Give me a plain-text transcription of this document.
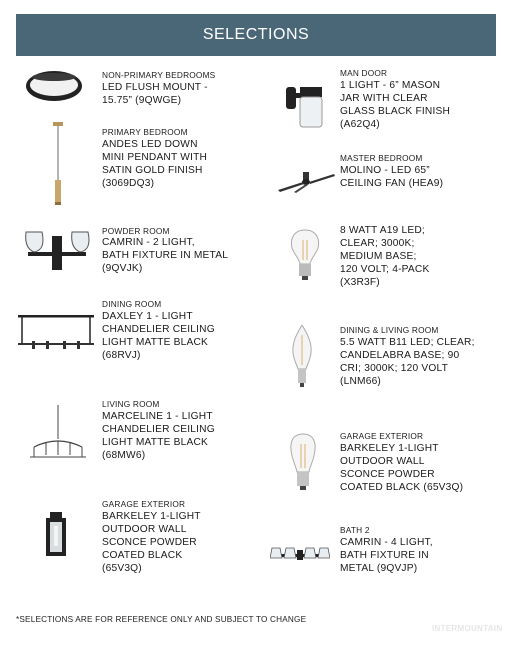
SELECTIONS
NON-PRIMARY BEDROOMS
LED FLUSH MOUNT -
15.75” (9QWGE)
PRIMARY BEDROOM
ANDES LED DOWN
MINI PENDANT WITH
SATIN GOLD FINISH
(3069DQ3)
POWDER ROOM
CAMRIN - 2 LIGHT,
BATH FIXTURE IN METAL
(9QVJK)
DINING ROOM
DAXLEY 1 - LIGHT
CHANDELIER CEILING
LIGHT MATTE BLACK
(68RVJ)
LIVING ROOM
MARCELINE 1 - LIGHT
CHANDELIER CEILING
LIGHT MATTE BLACK
(68MW6)
GARAGE EXTERIOR
BARKELEY 1-LIGHT
OUTDOOR WALL
SCONCE POWDER
COATED BLACK
(65V3Q)
MAN DOOR
1 LIGHT - 6” MASON
JAR WITH CLEAR
GLASS BLACK FINISH
(A62Q4)
MASTER BEDROOM
MOLINO - LED 65”
CEILING FAN (HEA9)
8 WATT A19 LED;
CLEAR; 3000K;
MEDIUM BASE;
120 VOLT; 4-PACK
(X3R3F)
DINING & LIVING ROOM
5.5 WATT B11 LED; CLEAR;
CANDELABRA BASE; 90
CRI; 3000K; 120 VOLT
(LNM66)
GARAGE EXTERIOR
BARKELEY 1-LIGHT
OUTDOOR WALL
SCONCE POWDER
COATED BLACK (65V3Q)
BATH 2
CAMRIN - 4 LIGHT,
BATH FIXTURE IN
METAL (9QVJP)
*SELECTIONS ARE FOR REFERENCE ONLY AND SUBJECT TO CHANGE
INTERMOUNTAIN
